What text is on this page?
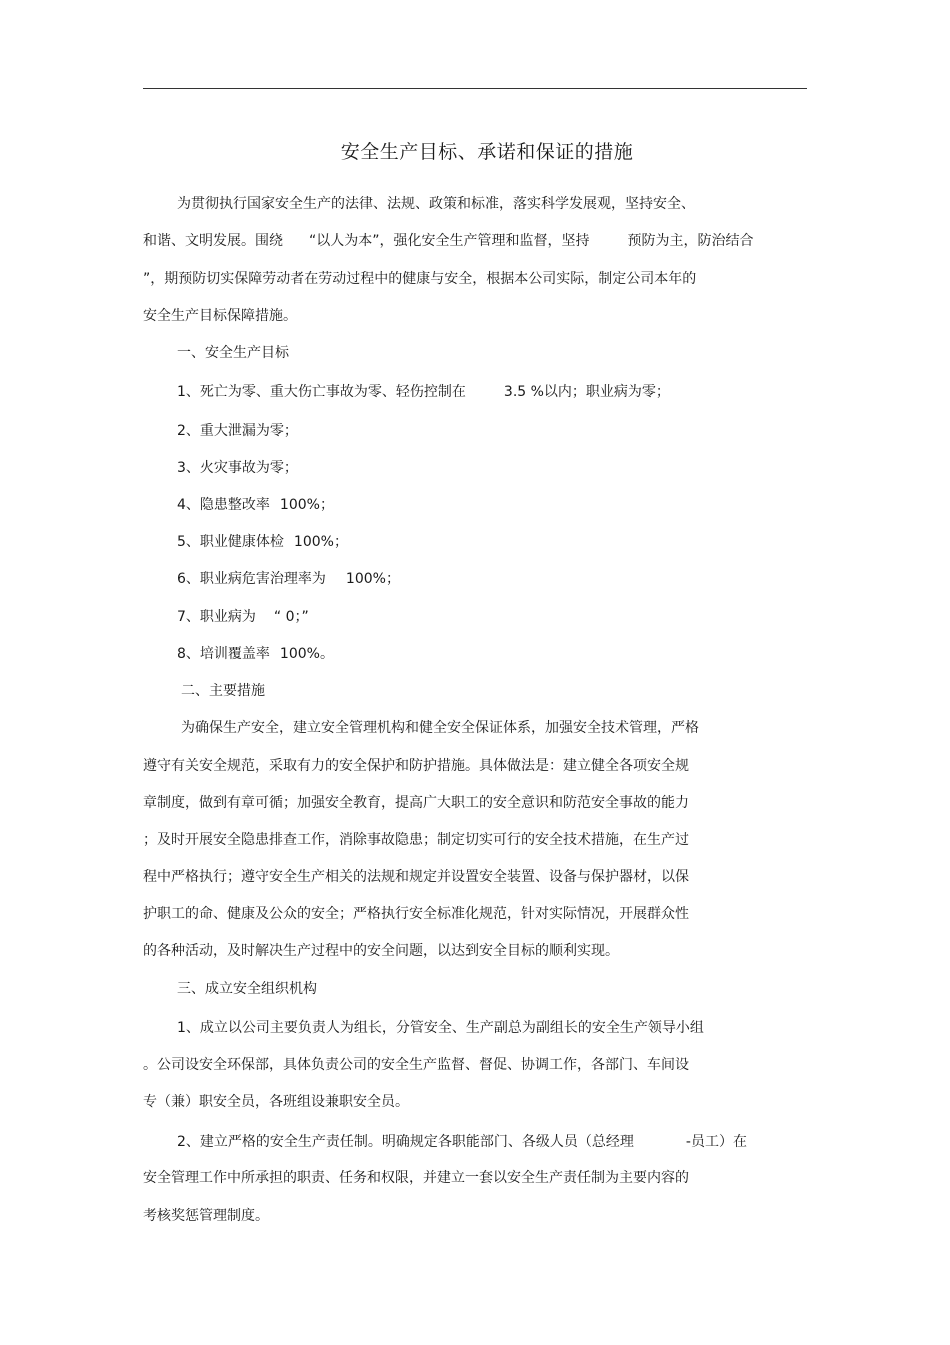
安全生产目标、承诺和保证的措施
为贯彻执行国家安全生产的法律、法规、政策和标准，落实科学发展观，坚持安全、
和谐、文明发展。围绕 “以人为本”，强化安全生产管理和监督，坚持	预防为主，防治结合
”，期预防切实保障劳动者在劳动过程中的健康与安全，根据本公司实际，制定公司本年的
安全生产目标保障措施。
一、安全生产目标
1、死亡为零、重大伤亡事故为零、轻伤控制在	3.5 %以内；职业病为零；
2、重大泄漏为零；
3、火灾事故为零；
4、隐患整改率 100%；
5、职业健康体检 100%；
6、职业病危害治理率为 100%；
7、职业病为 “ 0；”
8、培训覆盖率 100%。
二、主要措施
为确保生产安全，建立安全管理机构和健全安全保证体系，加强安全技术管理，严格
遵守有关安全规范，采取有力的安全保护和防护措施。具体做法是：建立健全各项安全规
章制度，做到有章可循；加强安全教育，提高广大职工的安全意识和防范安全事故的能力
；及时开展安全隐患排查工作，消除事故隐患；制定切实可行的安全技术措施，在生产过
程中严格执行；遵守安全生产相关的法规和规定并设置安全装置、设备与保护器材，以保
护职工的命、健康及公众的安全；严格执行安全标准化规范，针对实际情况，开展群众性
的各种活动，及时解决生产过程中的安全问题，以达到安全目标的顺利实现。
三、成立安全组织机构
1、成立以公司主要负责人为组长，分管安全、生产副总为副组长的安全生产领导小组
。公司设安全环保部，具体负责公司的安全生产监督、督促、协调工作，各部门、车间设
专（兼）职安全员，各班组设兼职安全员。
2、建立严格的安全生产责任制。明确规定各职能部门、各级人员（总经理	-员工）在
安全管理工作中所承担的职责、任务和权限，并建立一套以安全生产责任制为主要内容的
考核奖惩管理制度。
